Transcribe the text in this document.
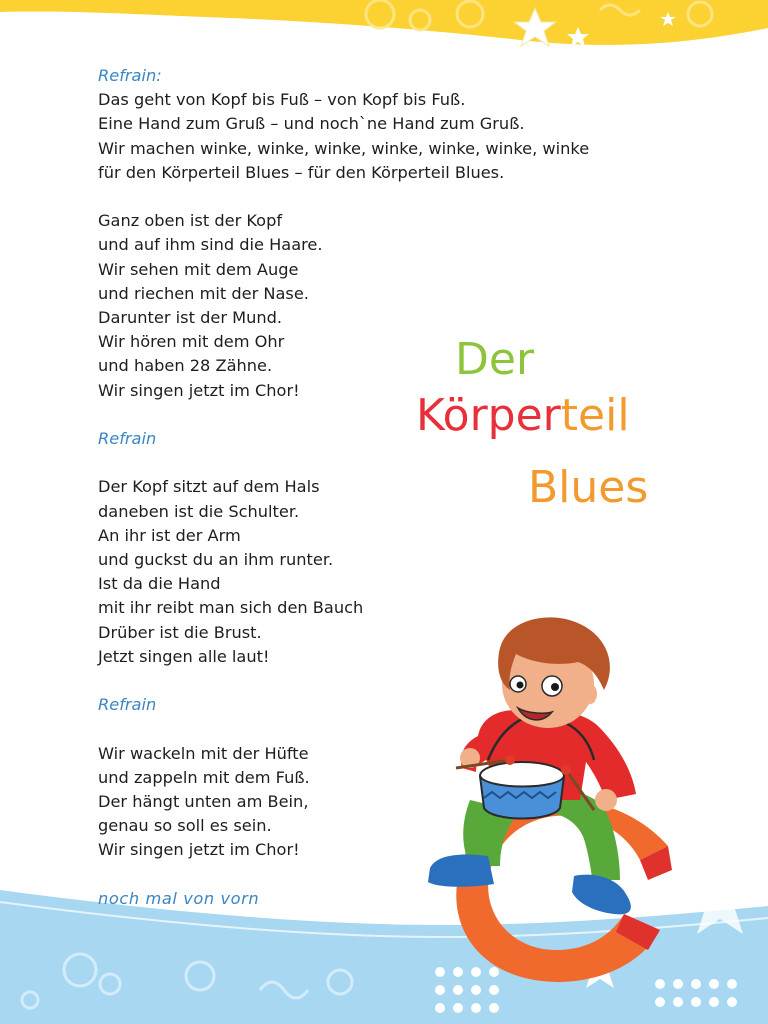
Refrain:
Das geht von Kopf bis Fuß – von Kopf bis Fuß.
Eine Hand zum Gruß – und noch`ne Hand zum Gruß.
Wir machen winke, winke, winke, winke, winke, winke, winke
für den Körperteil Blues – für den Körperteil Blues.
Ganz oben ist der Kopf
und auf ihm sind die Haare.
Wir sehen mit dem Auge
und riechen mit der Nase.
Darunter ist der Mund.
Wir hören mit dem Ohr
und haben 28 Zähne.
Wir singen jetzt im Chor!
Refrain
Der Kopf sitzt auf dem Hals
daneben ist die Schulter.
An ihr ist der Arm
und guckst du an ihm runter.
Ist da die Hand
mit ihr reibt man sich den Bauch
Drüber ist die Brust.
Jetzt singen alle laut!
Refrain
Wir wackeln mit der Hüfte
und zappeln mit dem Fuß.
Der hängt unten am Bein,
genau so soll es sein.
Wir singen jetzt im Chor!
noch mal von vorn
Der
Körperteil
Blues
